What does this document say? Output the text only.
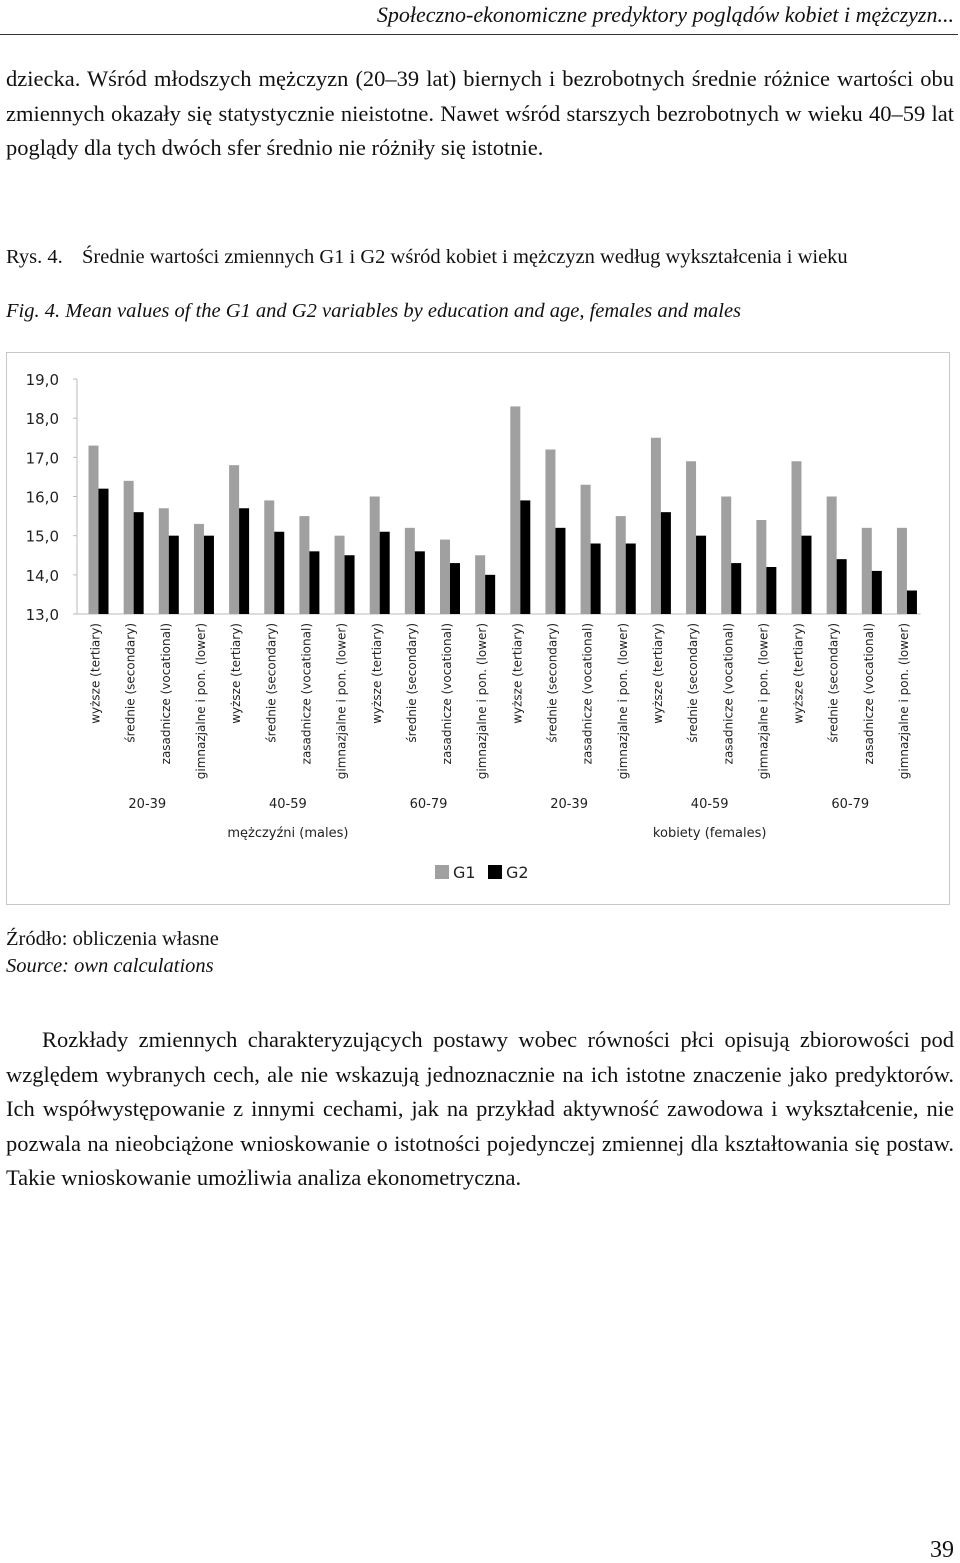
Społeczno-ekonomiczne predyktory poglądów kobiet i mężczyzn...

dziecka. Wśród młodszych mężczyzn (20–39 lat) biernych i bezrobotnych średnie różnice wartości obu zmiennych okazały się statystycznie nieistotne. Nawet wśród starszych bezrobotnych w wieku 40–59 lat poglądy dla tych dwóch sfer średnio nie różniły się istotnie.

Rys. 4. Średnie wartości zmiennych G1 i G2 wśród kobiet i mężczyzn według wykształcenia i wieku
Fig. 4. Mean values of the G1 and G2 variables by education and age, females and males
19,0
18,0
17,0
16,0
15,0
14,0
13,0
wyższe (tertiary) średnie (secondary) zasadnicze (vocational) gimnazjalne i pon. (lower) wyższe (tertiary) średnie (secondary) zasadnicze (vocational) gimnazjalne i pon. (lower) wyższe (tertiary) średnie (secondary) zasadnicze (vocational) gimnazjalne i pon. (lower) wyższe (tertiary) średnie (secondary) zasadnicze (vocational) gimnazjalne i pon. (lower) wyższe (tertiary) średnie (secondary) zasadnicze (vocational) gimnazjalne i pon. (lower) wyższe (tertiary) średnie (secondary) zasadnicze (vocational) gimnazjalne i pon. (lower)
20-39	40-59	60-79	20-39	40-59	60-79
mężczyźni (males)	kobiety (females)
G1 G2
Źródło: obliczenia własne
Source: own calculations

Rozkłady zmiennych charakteryzujących postawy wobec równości płci opisują zbiorowości pod względem wybranych cech, ale nie wskazują jednoznacznie na ich istotne znaczenie jako predyktorów. Ich współwystępowanie z innymi cechami, jak na przykład aktywność zawodowa i wykształcenie, nie pozwala na nieobciążone wnioskowanie o istotności pojedynczej zmiennej dla kształtowania się postaw. Takie wnioskowanie umożliwia analiza ekonometryczna.

39
